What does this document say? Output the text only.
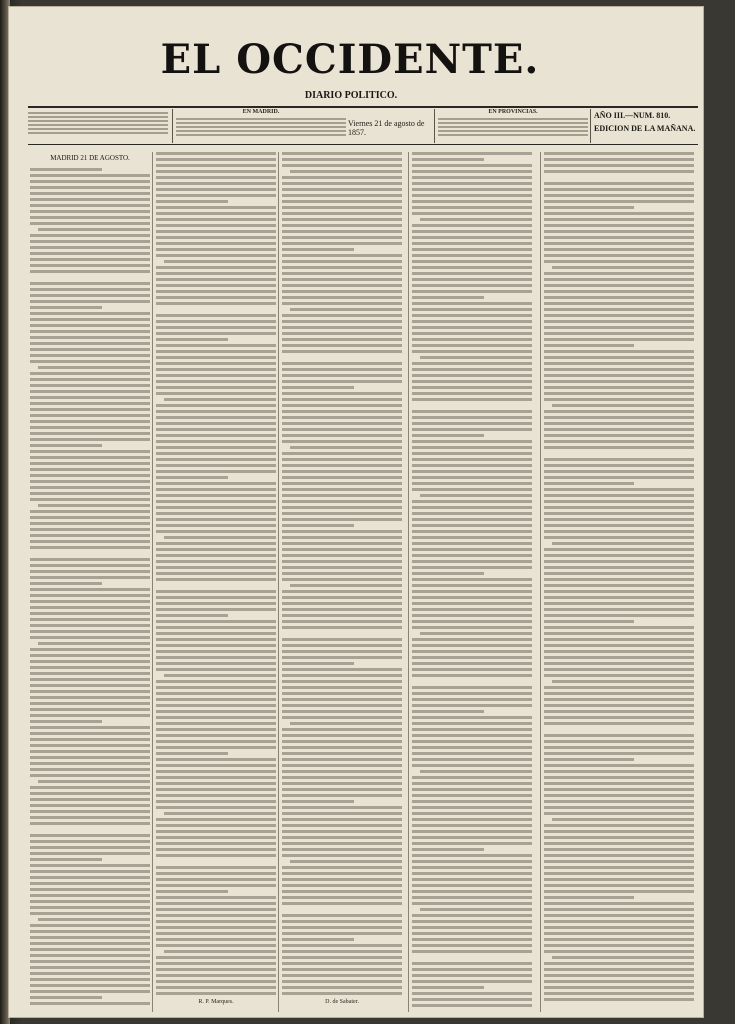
EL OCCIDENTE.
DIARIO POLITICO.
EN MADRID.
Viernes 21 de agosto de 1857.
EN PROVINCIAS.	AÑO III.—NUM. 810.
EDICION DE LA MAÑANA.
MADRID 21 DE AGOSTO.
R. P. Marques.	D. de Sabater.
